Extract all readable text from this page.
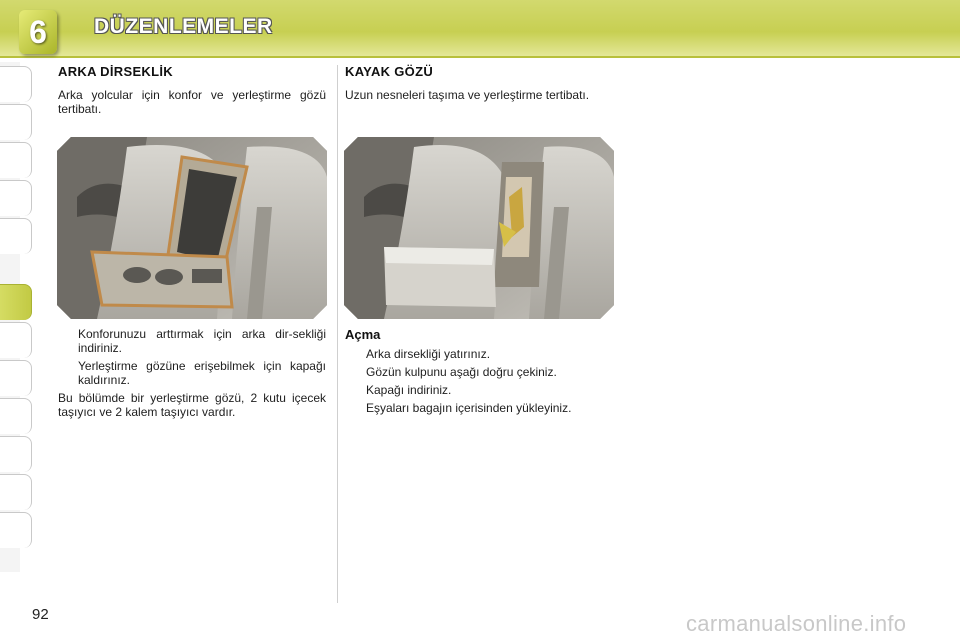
6	DÜZENLEMELER
ARKA DİRSEKLİK
Arka yolcular için konfor ve yerleştirme gözü tertibatı.
Konforunuzu arttırmak için arka dir-sekliği indiriniz.
Yerleştirme gözüne erişebilmek için kapağı kaldırınız.
Bu bölümde bir yerleştirme gözü, 2 kutu içecek taşıyıcı ve 2 kalem taşıyıcı vardır.
KAYAK GÖZÜ
Uzun nesneleri taşıma ve yerleştirme tertibatı.
Açma
Arka dirsekliği yatırınız.
Gözün kulpunu aşağı doğru çekiniz.
Kapağı indiriniz.
Eşyaları bagajın içerisinden yükleyiniz.
92	carmanualsonline.info
